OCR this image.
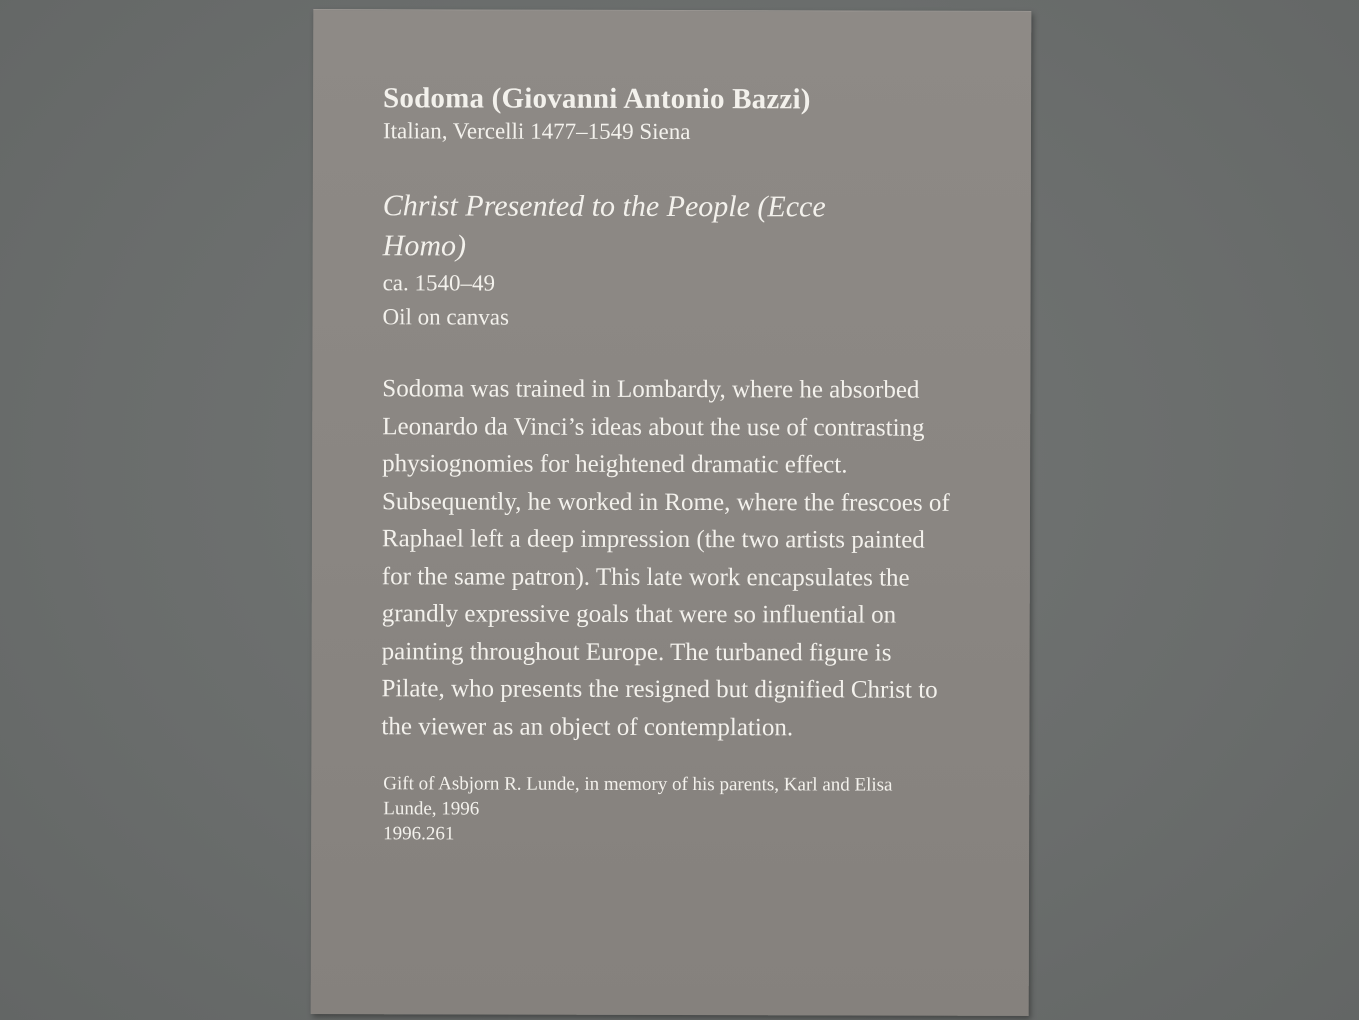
Sodoma (Giovanni Antonio Bazzi)

Italian, Vercelli 1477–1549 Siena

Christ Presented to the People (Ecce Homo)

ca. 1540–49

Oil on canvas

Sodoma was trained in Lombardy, where he absorbed Leonardo da Vinci’s ideas about the use of contrasting physiognomies for heightened dramatic effect. Subsequently, he worked in Rome, where the frescoes of Raphael left a deep impression (the two artists painted for the same patron). This late work encapsulates the grandly expressive goals that were so influential on painting throughout Europe. The turbaned figure is Pilate, who presents the resigned but dignified Christ to the viewer as an object of contemplation.

Gift of Asbjorn R. Lunde, in memory of his parents, Karl and Elisa Lunde, 1996

1996.261
